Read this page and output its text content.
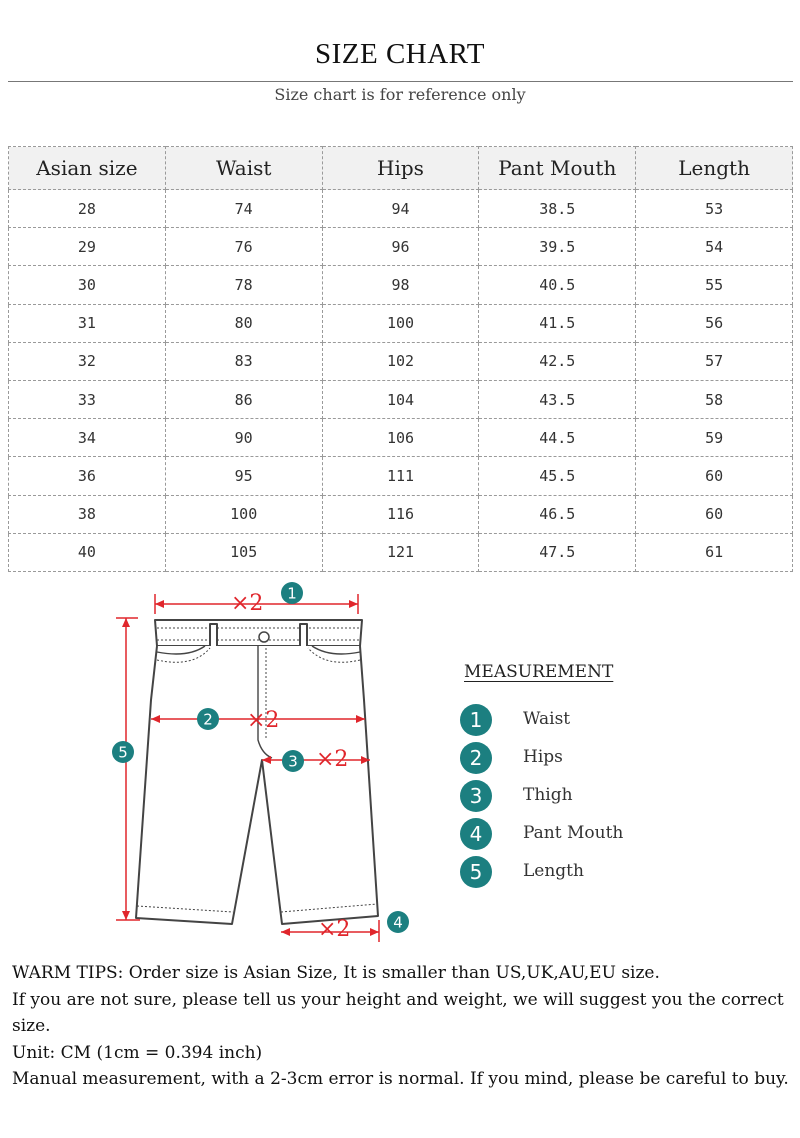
SIZE CHART
Size chart is for reference only
Asian size	Waist	Hips	Pant Mouth	Length
28	74	94	38.5	53
29	76	96	39.5	54
30	78	98	40.5	55
31	80	100	41.5	56
32	83	102	42.5	57
33	86	104	43.5	58
34	90	106	44.5	59
36	95	111	45.5	60
38	100	116	46.5	60
40	105	121	47.5	61
×2
×2
×2
×2
1
2
3
4
5
MEASUREMENT
1	Waist
2	Hips
3	Thigh
4	Pant Mouth
5	Length

WARM TIPS: Order size is Asian Size, It is smaller than US,UK,AU,EU size.

If you are not sure, please tell us your height and weight, we will suggest you the correct size.

Unit: CM (1cm = 0.394 inch)

Manual measurement, with a 2-3cm error is normal. If you mind, please be careful to buy.
